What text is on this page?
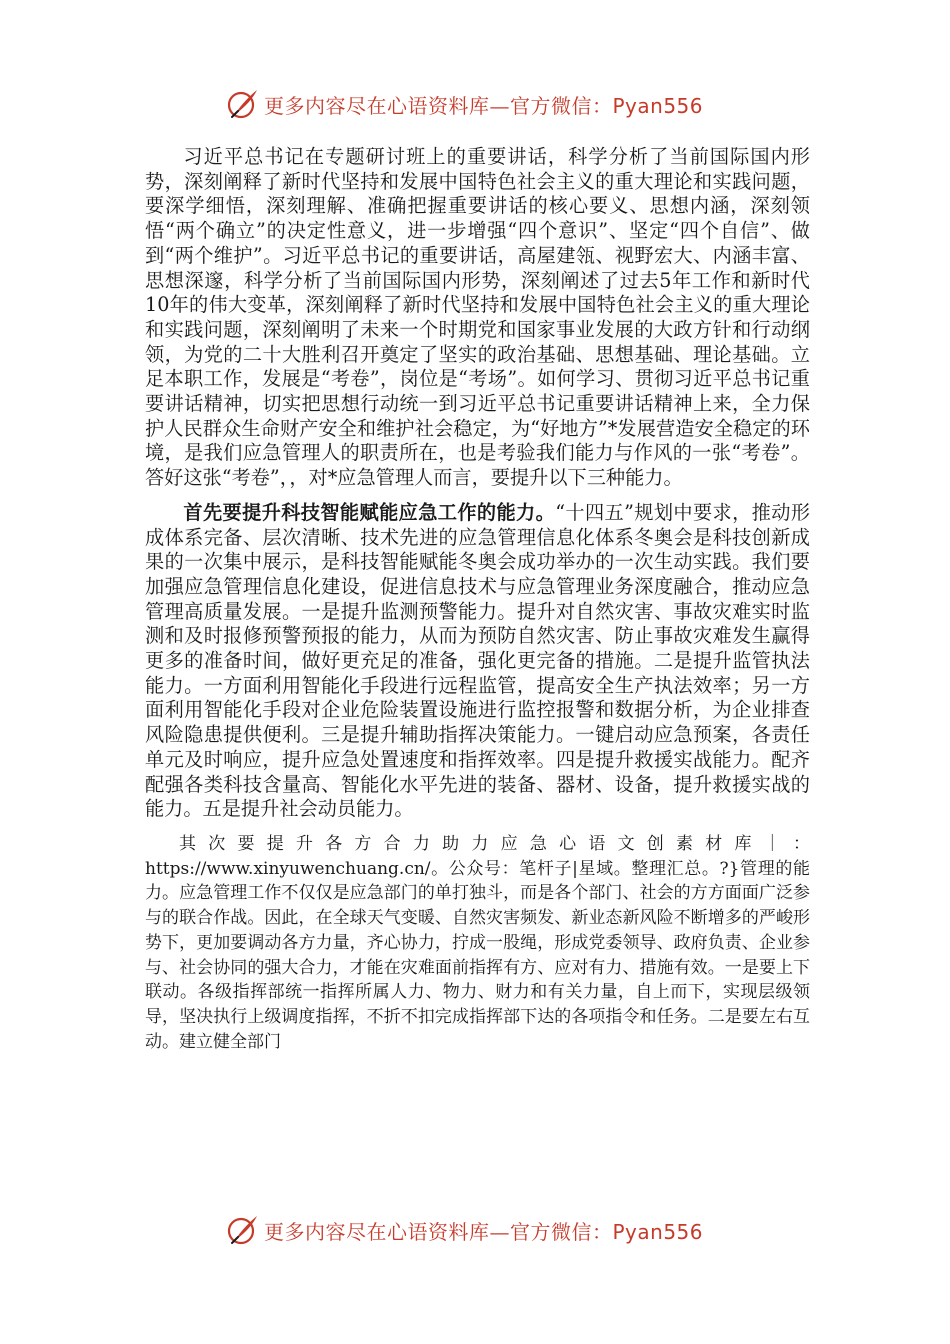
更多内容尽在心语资料库—官方微信：Pyan556

习近平总书记在专题研讨班上的重要讲话，科学分析了当前国际国内形势，深刻阐释了新时代坚持和发展中国特色社会主义的重大理论和实践问题，要深学细悟，深刻理解、准确把握重要讲话的核心要义、思想内涵，深刻领悟“两个确立”的决定性意义，进一步增强“四个意识”、坚定“四个自信”、做到“两个维护”。习近平总书记的重要讲话，高屋建瓴、视野宏大、内涵丰富、思想深邃，科学分析了当前国际国内形势，深刻阐述了过去5年工作和新时代10年的伟大变革，深刻阐释了新时代坚持和发展中国特色社会主义的重大理论和实践问题，深刻阐明了未来一个时期党和国家事业发展的大政方针和行动纲领，为党的二十大胜利召开奠定了坚实的政治基础、思想基础、理论基础。立足本职工作，发展是“考卷”，岗位是“考场”。如何学习、贯彻习近平总书记重要讲话精神，切实把思想行动统一到习近平总书记重要讲话精神上来，全力保护人民群众生命财产安全和维护社会稳定，为“好地方”*发展营造安全稳定的环境，是我们应急管理人的职责所在，也是考验我们能力与作风的一张“考卷”。答好这张“考卷”，，对*应急管理人而言，要提升以下三种能力。

首先要提升科技智能赋能应急工作的能力。“十四五”规划中要求，推动形成体系完备、层次清晰、技术先进的应急管理信息化体系冬奥会是科技创新成果的一次集中展示，是科技智能赋能冬奥会成功举办的一次生动实践。我们要加强应急管理信息化建设，促进信息技术与应急管理业务深度融合，推动应急管理高质量发展。一是提升监测预警能力。提升对自然灾害、事故灾难实时监测和及时报修预警预报的能力，从而为预防自然灾害、防止事故灾难发生赢得更多的准备时间，做好更充足的准备，强化更完备的措施。二是提升监管执法能力。一方面利用智能化手段进行远程监管，提高安全生产执法效率；另一方面利用智能化手段对企业危险装置设施进行监控报警和数据分析，为企业排查风险隐患提供便利。三是提升辅助指挥决策能力。一键启动应急预案，各责任单元及时响应，提升应急处置速度和指挥效率。四是提升救援实战能力。配齐配强各类科技含量高、智能化水平先进的装备、器材、设备，提升救援实战的能力。五是提升社会动员能力。

其次要提升各方合力助力应急心语文创素材库｜：https://www.xinyuwenchuang.cn/。公众号：笔杆子|星域。整理汇总。?}管理的能力。应急管理工作不仅仅是应急部门的单打独斗，而是各个部门、社会的方方面面广泛参与的联合作战。因此，在全球天气变暖、自然灾害频发、新业态新风险不断增多的严峻形势下，更加要调动各方力量，齐心协力，拧成一股绳，形成党委领导、政府负责、企业参与、社会协同的强大合力，才能在灾难面前指挥有方、应对有力、措施有效。一是要上下联动。各级指挥部统一指挥所属人力、物力、财力和有关力量，自上而下，实现层级领导，坚决执行上级调度指挥，不折不扣完成指挥部下达的各项指令和任务。二是要左右互动。建立健全部门

更多内容尽在心语资料库—官方微信：Pyan556
